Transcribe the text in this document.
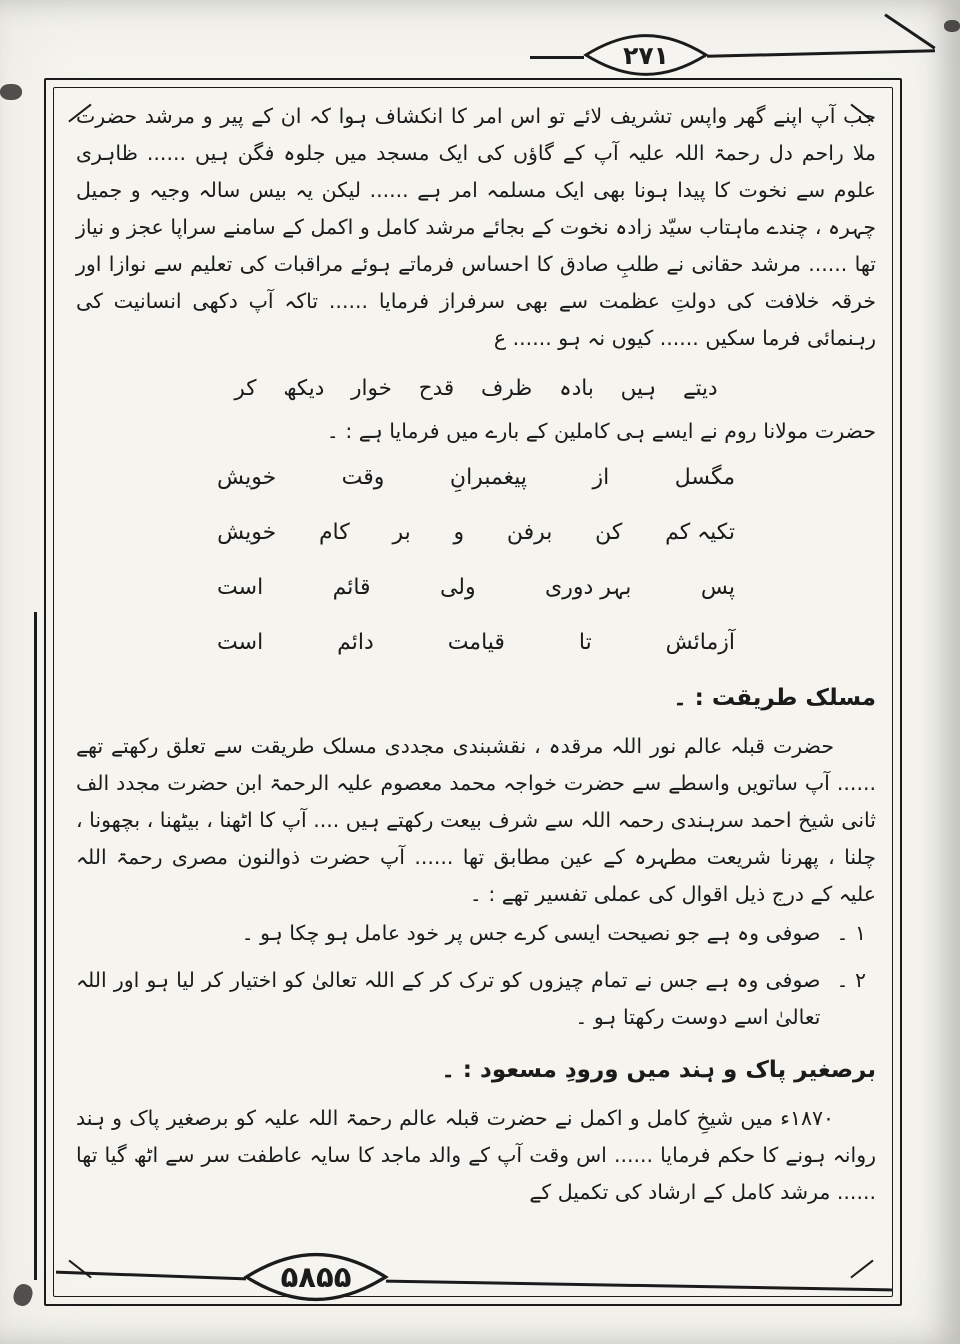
۲۷۱

جب آپ اپنے گھر واپس تشریف لائے تو اس امر کا انکشاف ہوا کہ ان کے پیر و مرشد حضرت ملا راحم دل رحمۃ اللہ علیہ آپ کے گاؤں کی ایک مسجد میں جلوہ فگن ہیں ...... ظاہری علوم سے نخوت کا پیدا ہونا بھی ایک مسلمہ امر ہے ...... لیکن یہ بیس سالہ وجیہ و جمیل چہرہ ، چندے ماہتاب سیّد زادہ نخوت کے بجائے مرشد کامل و اکمل کے سامنے سراپا عجز و نیاز تھا ...... مرشد حقانی نے طلبِ صادق کا احساس فرماتے ہوئے مراقبات کی تعلیم سے نوازا اور خرقہ خلافت کی دولتِ عظمت سے بھی سرفراز فرمایا ...... تاکہ آپ دکھی انسانیت کی رہنمائی فرما سکیں ...... کیوں نہ ہو ...... ع

دیتے ہیں بادہ ظرف قدح خوار دیکھ کر

حضرت مولانا روم نے ایسے ہی کاملین کے بارے میں فرمایا ہے : ۔

مگسل
از
پیغمبرانِ
وقت
خویش
تکیہ کم
کن
برفن
و
بر
کام
خویش
پس
بہر دوری
ولی
قائم
است
آزمائش
تا
قیامت
دائم
است
مسلک طریقت : ۔

حضرت قبلہ عالم نور اللہ مرقدہ ، نقشبندی مجددی مسلک طریقت سے تعلق رکھتے تھے ...... آپ ساتویں واسطے سے حضرت خواجہ محمد معصوم علیہ الرحمۃ ابن حضرت مجدد الف ثانی شیخ احمد سرہندی رحمہ اللہ سے شرف بیعت رکھتے ہیں .... آپ کا اٹھنا ، بیٹھنا ، بچھونا ، چلنا ، پھرنا شریعت مطہرہ کے عین مطابق تھا ...... آپ حضرت ذوالنون مصری رحمۃ اللہ علیہ کے درج ذیل اقوال کی عملی تفسیر تھے : ۔

۱ ۔
صوفی وہ ہے جو نصیحت ایسی کرے جس پر خود عامل ہو چکا ہو ۔
۲ ۔
صوفی وہ ہے جس نے تمام چیزوں کو ترک کر کے اللہ تعالیٰ کو اختیار کر لیا ہو اور اللہ تعالیٰ اسے دوست رکھتا ہو ۔
برصغیر پاک و ہند میں ورودِ مسعود : ۔

۱۸۷۰ء میں شیخِ کامل و اکمل نے حضرت قبلہ عالم رحمۃ اللہ علیہ کو برصغیر پاک و ہند روانہ ہونے کا حکم فرمایا ...... اس وقت آپ کے والد ماجد کا سایہ عاطفت سر سے اٹھ گیا تھا ...... مرشد کامل کے ارشاد کی تکمیل کے

۵۸۵۵
